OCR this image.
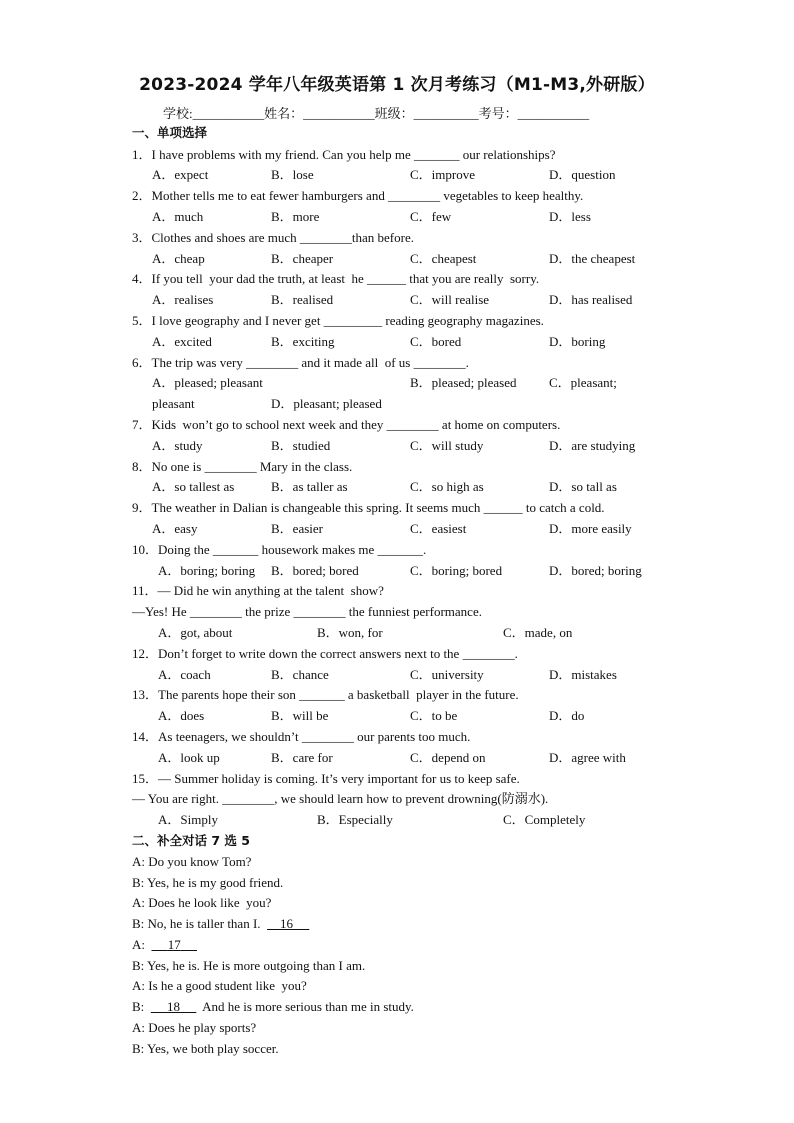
2023-2024 学年八年级英语第 1 次月考练习（M1-M3,外研版）
学校:___________姓名：___________班级：__________考号：___________
一、单项选择
1．I have problems with my friend. Can you help me _______ our relationships?
A．expect	B．lose	C．improve	D．question
2．Mother tells me to eat fewer hamburgers and ________ vegetables to keep healthy.
A．much	B．more	C．few	D．less
3．Clothes and shoes are much ________than before.
A．cheap	B．cheaper	C．cheapest	D．the cheapest
4．If you tell  your dad the truth, at least  he ______ that you are really  sorry.
A．realises	B．realised	C．will realise	D．has realised
5．I love geography and I never get _________ reading geography magazines.
A．excited	B．exciting	C．bored	D．boring
6．The trip was very ________ and it made all  of us ________.
A．pleased; pleasant	B．pleased; pleased	C．pleasant;
pleasant	D．pleasant; pleased
7．Kids  won’t go to school next week and they ________ at home on computers.
A．study	B．studied	C．will study	D．are studying
8．No one is ________ Mary in the class.
A．so tallest as	B．as taller as	C．so high as	D．so tall as
9．The weather in Dalian is changeable this spring. It seems much ______ to catch a cold.
A．easy	B．easier	C．easiest	D．more easily
10．Doing the _______ housework makes me _______.
A．boring; boring B．bored; bored	C．boring; bored	D．bored; boring
11．— Did he win anything at the talent  show?
—Yes! He ________ the prize ________ the funniest performance.
A．got, about	B．won, for	C．made, on
12．Don’t forget to write down the correct answers next to the ________.
A．coach	B．chance	C．university	D．mistakes
13．The parents hope their son _______ a basketball  player in the future.
A．does	B．will be	C．to be	D．do
14．As teenagers, we shouldn’t ________ our parents too much.
A．look up	B．care for	C．depend on	D．agree with
15．— Summer holiday is coming. It’s very important for us to keep safe.
— You are right. ________, we should learn how to prevent drowning(防溺水).
A．Simply	B．Especially	C．Completely
二、补全对话 7 选 5
A: Do you know Tom?
B: Yes, he is my good friend.
A: Does he look like  you?
B: No, he is taller than I.      16
A:       17
B: Yes, he is. He is more outgoing than I am.
A: Is he a good student like  you?
B:       18       And he is more serious than me in study.
A: Does he play sports?
B: Yes, we both play soccer.
